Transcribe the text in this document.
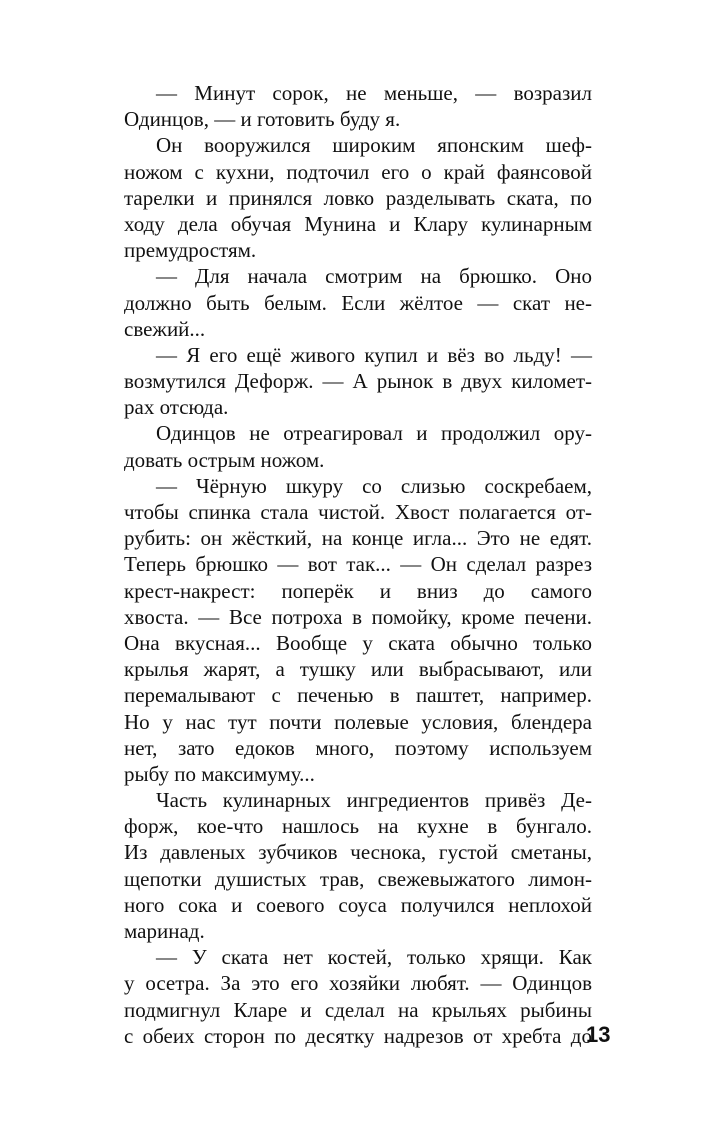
— Минут сорок, не меньше, — возразил
Одинцов, — и готовить буду я.
Он вооружился широким японским шеф-
ножом с кухни, подточил его о край фаянсовой
тарелки и принялся ловко разделывать ската, по
ходу дела обучая Мунина и Клару кулинарным
премудростям.
— Для начала смотрим на брюшко. Оно
должно быть белым. Если жёлтое — скат не-
свежий...
— Я его ещё живого купил и вёз во льду! —
возмутился Дефорж. — А рынок в двух километ-
рах отсюда.
Одинцов не отреагировал и продолжил ору-
довать острым ножом.
— Чёрную шкуру со слизью соскребаем,
чтобы спинка стала чистой. Хвост полагается от-
рубить: он жёсткий, на конце игла... Это не едят.
Теперь брюшко — вот так... — Он сделал разрез
крест-накрест: поперёк и вниз до самого
хвоста. — Все потроха в помойку, кроме печени.
Она вкусная... Вообще у ската обычно только
крылья жарят, а тушку или выбрасывают, или
перемалывают с печенью в паштет, например.
Но у нас тут почти полевые условия, блендера
нет, зато едоков много, поэтому используем
рыбу по максимуму...
Часть кулинарных ингредиентов привёз Де-
форж, кое-что нашлось на кухне в бунгало.
Из давленых зубчиков чеснока, густой сметаны,
щепотки душистых трав, свежевыжатого лимон-
ного сока и соевого соуса получился неплохой
маринад.
— У ската нет костей, только хрящи. Как
у осетра. За это его хозяйки любят. — Одинцов
подмигнул Кларе и сделал на крыльях рыбины
с обеих сторон по десятку надрезов от хребта до
13
